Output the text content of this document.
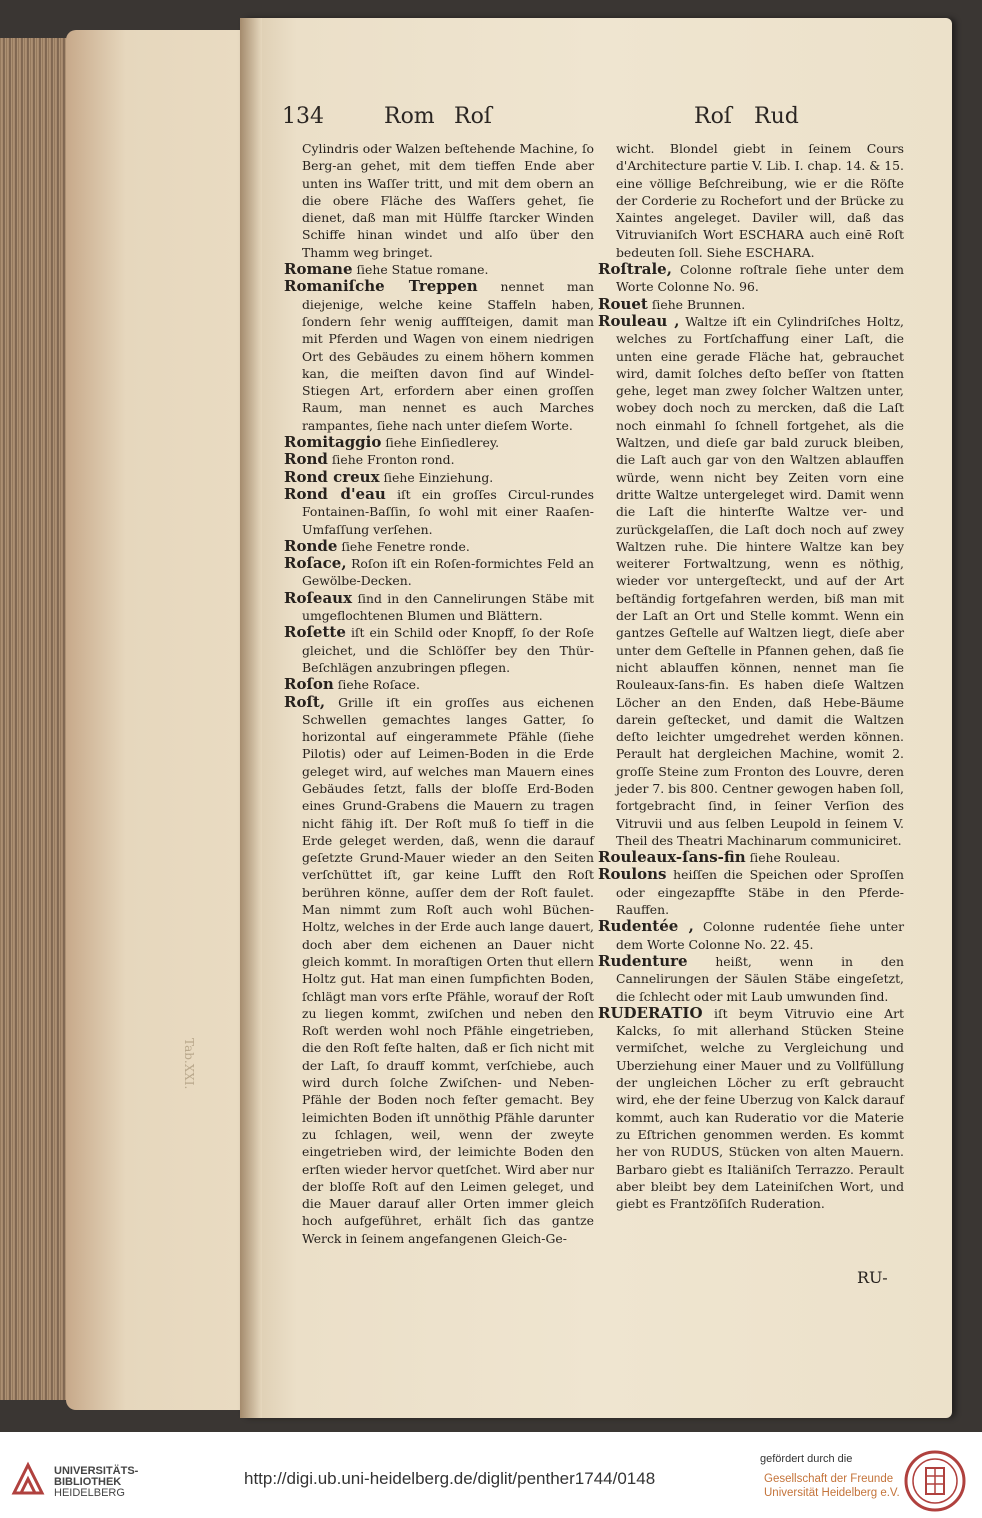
Tab.XXI.
134	Rom Roſ	Roſ Rud

Cylindris oder Walzen beſtehende Machine, ſo Berg-an gehet, mit dem tieffen Ende aber unten ins Waſſer tritt, und mit dem obern an die obere Fläche des Waſſers gehet, ſie dienet, daß man mit Hülffe ſtarcker Winden Schiffe hinan windet und alſo über den Thamm weg bringet.

Romane ſiehe Statue romane.

Romaniſche Treppen nennet man diejenige, welche keine Staffeln haben, ſondern ſehr wenig auffſteigen, damit man mit Pferden und Wagen von einem niedrigen Ort des Gebäudes zu einem höhern kommen kan, die meiſten davon ſind auf Windel-Stiegen Art, erfordern aber einen groſſen Raum, man nennet es auch Marches rampantes, ſiehe nach unter dieſem Worte.

Romitaggio ſiehe Einſiedlerey.

Rond ſiehe Fronton rond.

Rond creux ſiehe Einziehung.

Rond d'eau iſt ein groſſes Circul-rundes Fontainen-Baſſin, ſo wohl mit einer Raaſen-Umfaſſung verſehen.

Ronde ſiehe Fenetre ronde.

Roſace, Roſon iſt ein Roſen-formichtes Feld an Gewölbe-Decken.

Roſeaux ſind in den Cannelirungen Stäbe mit umgeflochtenen Blumen und Blättern.

Roſette iſt ein Schild oder Knopff, ſo der Roſe gleichet, und die Schlöſſer bey den Thür-Beſchlägen anzubringen pflegen.

Roſon ſiehe Roſace.

Roſt, Grille iſt ein groſſes aus eichenen Schwellen gemachtes langes Gatter, ſo horizontal auf eingerammete Pfähle (ſiehe Pilotis) oder auf Leimen-Boden in die Erde geleget wird, auf welches man Mauern eines Gebäudes ſetzt, falls der bloſſe Erd-Boden eines Grund-Grabens die Mauern zu tragen nicht fähig iſt. Der Roſt muß ſo tieff in die Erde geleget werden, daß, wenn die darauf geſetzte Grund-Mauer wieder an den Seiten verſchüttet iſt, gar keine Lufft den Roſt berühren könne, auſſer dem der Roſt faulet. Man nimmt zum Roſt auch wohl Büchen-Holtz, welches in der Erde auch lange dauert, doch aber dem eichenen an Dauer nicht gleich kommt. In moraſtigen Orten thut ellern Holtz gut. Hat man einen ſumpfichten Boden, ſchlägt man vors erſte Pfähle, worauf der Roſt zu liegen kommt, zwiſchen und neben den Roſt werden wohl noch Pfähle eingetrieben, die den Roſt feſte halten, daß er ſich nicht mit der Laſt, ſo drauff kommt, verſchiebe, auch wird durch ſolche Zwiſchen- und Neben-Pfähle der Boden noch feſter gemacht. Bey leimichten Boden iſt unnöthig Pfähle darunter zu ſchlagen, weil, wenn der zweyte eingetrieben wird, der leimichte Boden den erſten wieder hervor quetſchet. Wird aber nur der bloſſe Roſt auf den Leimen geleget, und die Mauer darauf aller Orten immer gleich hoch aufgeführet, erhält ſich das gantze Werck in ſeinem angefangenen Gleich-Ge-

wicht. Blondel giebt in ſeinem Cours d'Architecture partie V. Lib. I. chap. 14. & 15. eine völlige Beſchreibung, wie er die Röſte der Corderie zu Rochefort und der Brücke zu Xaintes angeleget. Daviler will, daß das Vitruvianiſch Wort ESCHARA auch einē Roſt bedeuten ſoll. Siehe ESCHARA.

Roſtrale, Colonne roſtrale ſiehe unter dem Worte Colonne No. 96.

Rouet ſiehe Brunnen.

Rouleau , Waltze iſt ein Cylindriſches Holtz, welches zu Fortſchaffung einer Laſt, die unten eine gerade Fläche hat, gebrauchet wird, damit ſolches deſto beſſer von ſtatten gehe, leget man zwey ſolcher Waltzen unter, wobey doch noch zu mercken, daß die Laſt noch einmahl ſo ſchnell fortgehet, als die Waltzen, und dieſe gar bald zuruck bleiben, die Laſt auch gar von den Waltzen ablauffen würde, wenn nicht bey Zeiten vorn eine dritte Waltze untergeleget wird. Damit wenn die Laſt die hinterſte Waltze ver- und zurückgelaſſen, die Laſt doch noch auf zwey Waltzen ruhe. Die hintere Waltze kan bey weiterer Fortwaltzung, wenn es nöthig, wieder vor untergeſteckt, und auf der Art beſtändig fortgefahren werden, biß man mit der Laſt an Ort und Stelle kommt. Wenn ein gantzes Geſtelle auf Waltzen liegt, dieſe aber unter dem Geſtelle in Pfannen gehen, daß ſie nicht ablauffen können, nennet man ſie Rouleaux-ſans-fin. Es haben dieſe Waltzen Löcher an den Enden, daß Hebe-Bäume darein geſtecket, und damit die Waltzen deſto leichter umgedrehet werden können. Perault hat dergleichen Machine, womit 2. groſſe Steine zum Fronton des Louvre, deren jeder 7. bis 800. Centner gewogen haben ſoll, fortgebracht ſind, in ſeiner Verſion des Vitruvii und aus ſelben Leupold in ſeinem V. Theil des Theatri Machinarum communiciret.

Rouleaux-ſans-fin ſiehe Rouleau.

Roulons heiſſen die Speichen oder Sproſſen oder eingezapffte Stäbe in den Pferde-Rauffen.

Rudentée , Colonne rudentée ſiehe unter dem Worte Colonne No. 22. 45.

Rudenture heißt, wenn in den Cannelirungen der Säulen Stäbe eingeſetzt, die ſchlecht oder mit Laub umwunden ſind.

RUDERATIO iſt beym Vitruvio eine Art Kalcks, ſo mit allerhand Stücken Steine vermiſchet, welche zu Vergleichung und Uberziehung einer Mauer und zu Vollfüllung der ungleichen Löcher zu erſt gebraucht wird, ehe der feine Uberzug von Kalck darauf kommt, auch kan Ruderatio vor die Materie zu Eſtrichen genommen werden. Es kommt her von RUDUS, Stücken von alten Mauern. Barbaro giebt es Italiäniſch Terrazzo. Perault aber bleibt bey dem Lateiniſchen Wort, und giebt es Frantzöſiſch Ruderation.

RU-
UNIVERSITÄTS-
BIBLIOTHEK
HEIDELBERG
http://digi.ub.uni-heidelberg.de/diglit/penther1744/0148
gefördert durch die
Gesellschaft der Freunde
Universität Heidelberg e.V.
